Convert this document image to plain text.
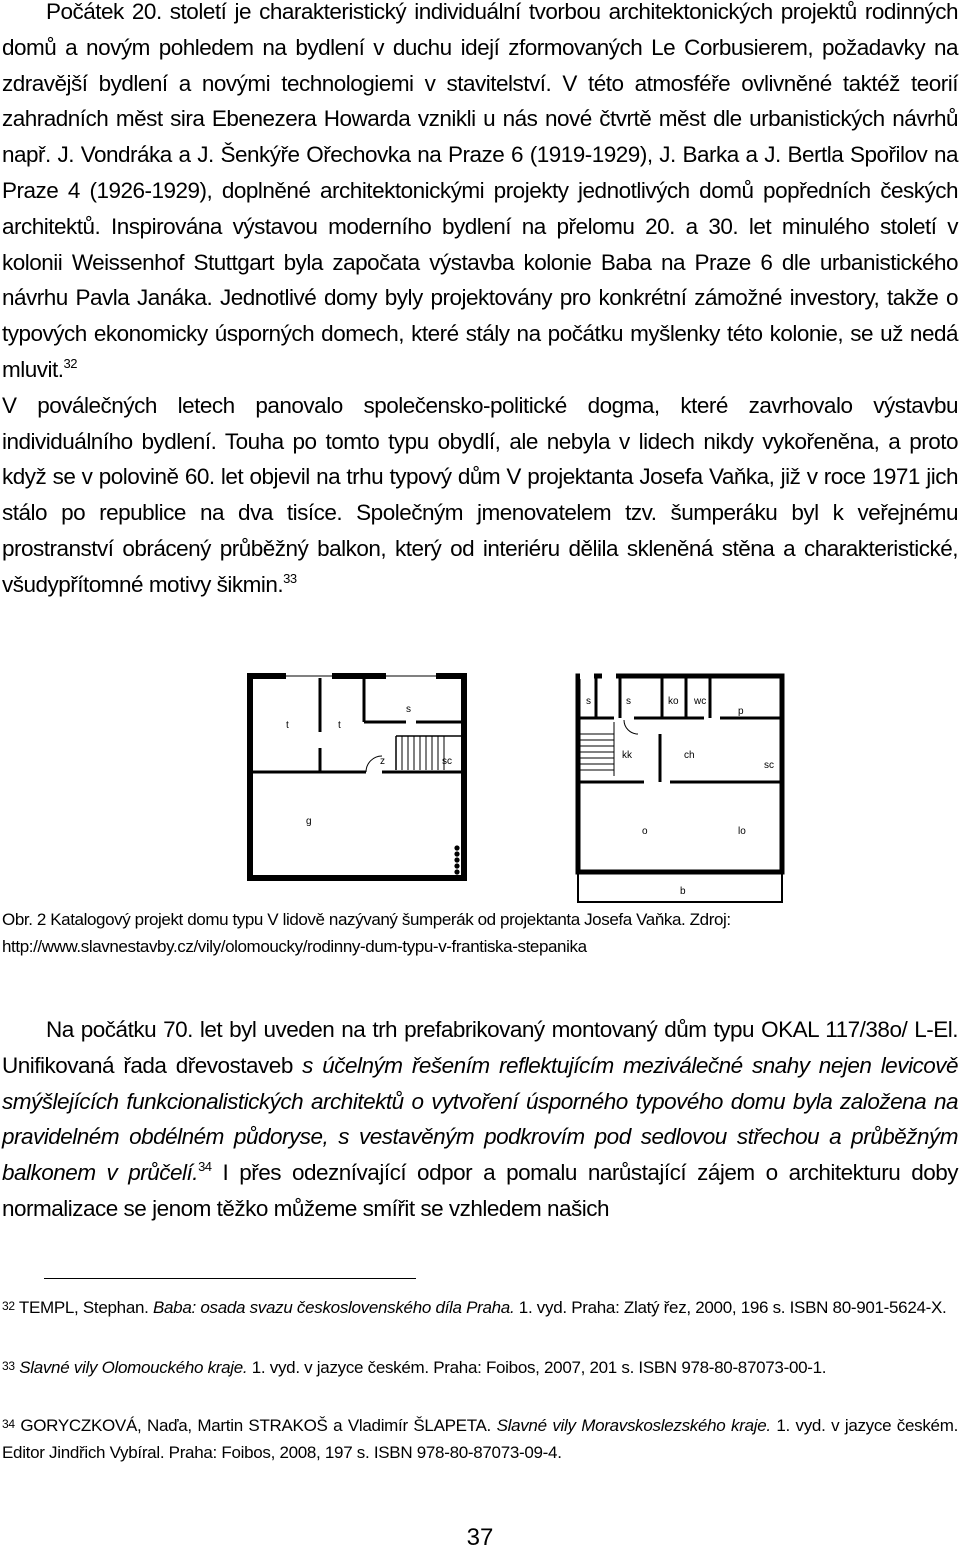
Počátek 20. století je charakteristický individuální tvorbou architektonických projektů rodinných domů a novým pohledem na bydlení v duchu idejí zformovaných Le Corbusierem, požadavky na zdravější bydlení a novými technologiemi v stavitelství. V této atmosféře ovlivněné taktéž teorií zahradních měst sira Ebenezera Howarda vznikli u nás nové čtvrtě měst dle urbanistických návrhů např. J. Vondráka a J. Šenkýře Ořechovka na Praze 6 (1919-1929), J. Barka a J. Bertla Spořilov na Praze 4 (1926-1929), doplněné architektonickými projekty jednotlivých domů popředních českých architektů. Inspirována výstavou moderního bydlení na přelomu 20. a 30. let minulého století v kolonii Weissenhof Stuttgart byla započata výstavba kolonie Baba na Praze 6 dle urbanistického návrhu Pavla Janáka. Jednotlivé domy byly projektovány pro konkrétní zámožné investory, takže o typových ekonomicky úsporných domech, které stály na počátku myšlenky této kolonie, se už nedá mluvit.$^{32}$
V poválečných letech panovalo společensko-politické dogma, které zavrhovalo výstavbu individuálního bydlení. Touha po tomto typu obydlí, ale nebyla v lidech nikdy vykořeněna, a proto když se v polovině 60. let objevil na trhu typový dům V projektanta Josefa Vaňka, již v roce 1971 jich stálo po republice na dva tisíce. Společným jmenovatelem tzv. šumperáku byl k veřejnému prostranství obrácený průběžný balkon, který od interiéru dělila skleněná stěna a charakteristické, všudypřítomné motivy šikmin.$^{33}$

t	t
s
z	sc
g
s	s	ko wc
p
kk	ch
sc
o	lo
b

Obr. 2 Katalogový projekt domu typu V lidově nazývaný šumperák od projektanta Josefa Vaňka. Zdroj: http://www.slavnestavby.cz/vily/olomoucky/rodinny-dum-typu-v-frantiska-stepanika

Na počátku 70. let byl uveden na trh prefabrikovaný montovaný dům typu OKAL 117/38o/ L-El. Unifikovaná řada dřevostaveb s účelným řešením reflektujícím meziválečné snahy nejen levicově smýšlejících funkcionalistických architektů o vytvoření úsporného typového domu byla založena na pravidelném obdélném půdoryse, s vestavěným podkrovím pod sedlovou střechou a průběžným balkonem v průčelí.$^{34}$ I přes odeznívající odpor a pomalu narůstající zájem o architekturu doby normalizace se jenom těžko můžeme smířit se vzhledem našich

32 TEMPL, Stephan. Baba: osada svazu československého díla Praha. 1. vyd. Praha: Zlatý řez, 2000, 196 s. ISBN 80-901-5624-X.

33 Slavné vily Olomouckého kraje. 1. vyd. v jazyce českém. Praha: Foibos, 2007, 201 s. ISBN 978-80-87073-00-1.

34 GORYCZKOVÁ, Naďa, Martin STRAKOŠ a Vladimír ŠLAPETA. Slavné vily Moravskoslezského kraje. 1. vyd. v jazyce českém. Editor Jindřich Vybíral. Praha: Foibos, 2008, 197 s. ISBN 978-80-87073-09-4.

37
